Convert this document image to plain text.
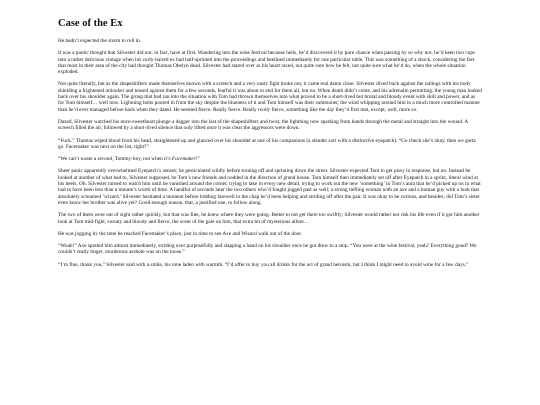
Case of the Ex

He hadn’t expected the storm to roll in.

It was a poetic thought that Silvester did not, in fact, have at first. Wandering into the wine festival because hells, he’d discovered it by pure chance when passing by so why not, he’d been two cups into a rather delicious vintage when his curly-haired ex had half-sprinted into the proceedings and beelined immediately for one particular table. This was something of a shock, considering the fact that most in their area of the city had thought Thomas Obelyn dead. Silvester had stared over as his heart raced, not quite sure how he felt, not quite sure what he’d do, when the whole situation exploded.

Not quite literally, but as the shapeshifters made themselves known with a screech and a very nasty fight broke out, it came real damn close. Silvester dived back against the railings with his body shielding a frightened onlooker and tensed against them for a few seconds, fearful it was about to end for them all, but no. When death didn’t come, and his adrenalin permitting, the young man looked back over his shoulder again. The group that had ran into the situation with Tom had thrown themselves into what proved to be a short-lived but brutal and bloody event with skill and power, and as for Tom himself… well now. Lightning bolts poured in from the sky despite the blueness of it and Tom himself was their summoner, the wind whipping around him in a much more controlled manner than he’d ever managed before back when they dated. He seemed fierce. Really fierce. Really really fierce, something like the day they’d first met, except, well, more so.

Dazed, Silvester watched his once-sweetheart plunge a dagger into the last of the shapeshifters and twist, the lightning now sparking from hands through the metal and straight into the wound. A screech filled the air, followed by a short-lived silence that only lifted once it was clear the aggressors were down.

“Fuck.” Thomas wiped blood from his head, straightened up and glanced over his shoulder at one of his companions (a slender sort with a distinctive eyepatch). “Go check she’s okay, then we gotta go. Facemaker was next on the list, right?”

“We can’t waste a second, Tommy-boy, not when it’s Facemaker!”

Sheer panic apparently overwhelmed Eyepatch’s senses; he gesticulated wildly before turning off and sprinting down the street. Silvester expected Tom to get pissy in response, but no. Instead he looked at another of what had to, Silvester supposed, be Tom’s new friends and nodded in the direction of grand house. Tom himself then immediately set off after Eyepatch in a sprint, literal wind at his heels. Oh. Silvester turned to watch him until he vanished around the corner, trying to take in every new detail, trying to work out the new ‘something’ in Tom’s aura that he’d picked up on in what had to have been less than a minute’s worth of time. A handful of seconds later the two others who’d fought jogged past as well; a strong tiefling woman with an axe and a human guy with a look that absolutely screamed ‘wizard.’ Silvester hesitated a moment before bidding farewell to the chap he’d been helping and striding off after the pair. It was okay to be curious, and besides, did Tom’s sister even know her brother was alive yet? Good enough reason, that, a justified one, to follow along.

The two of them were out of sight rather quickly, but that was fine, he knew where they were going. Better to not get there too swiftly; Silvester would rather not risk his life even if it got him another look at Tom mid-fight, sweaty and bloody and fierce, the scent of the gale on him, that extra bit of mysterious allure…

He was jogging by the time he reached Facemaker’s place, just in time to see Axe and Wizard walk out of the door.

“Woah!” Axe spotted him almost immediately, striding over purposefully and slapping a hand on his shoulder once he got drew to a stop. “You were at the wine festival, yeah? Everything good? We couldn’t really linger, murderous asshole was on the loose.”

“I’m fine, thank you,” Silvester said with a smile, his tone laden with warmth. “I’d offer to buy you all drinks for the act of grand heroism, but I think I might need to avoid wine for a few days.”
